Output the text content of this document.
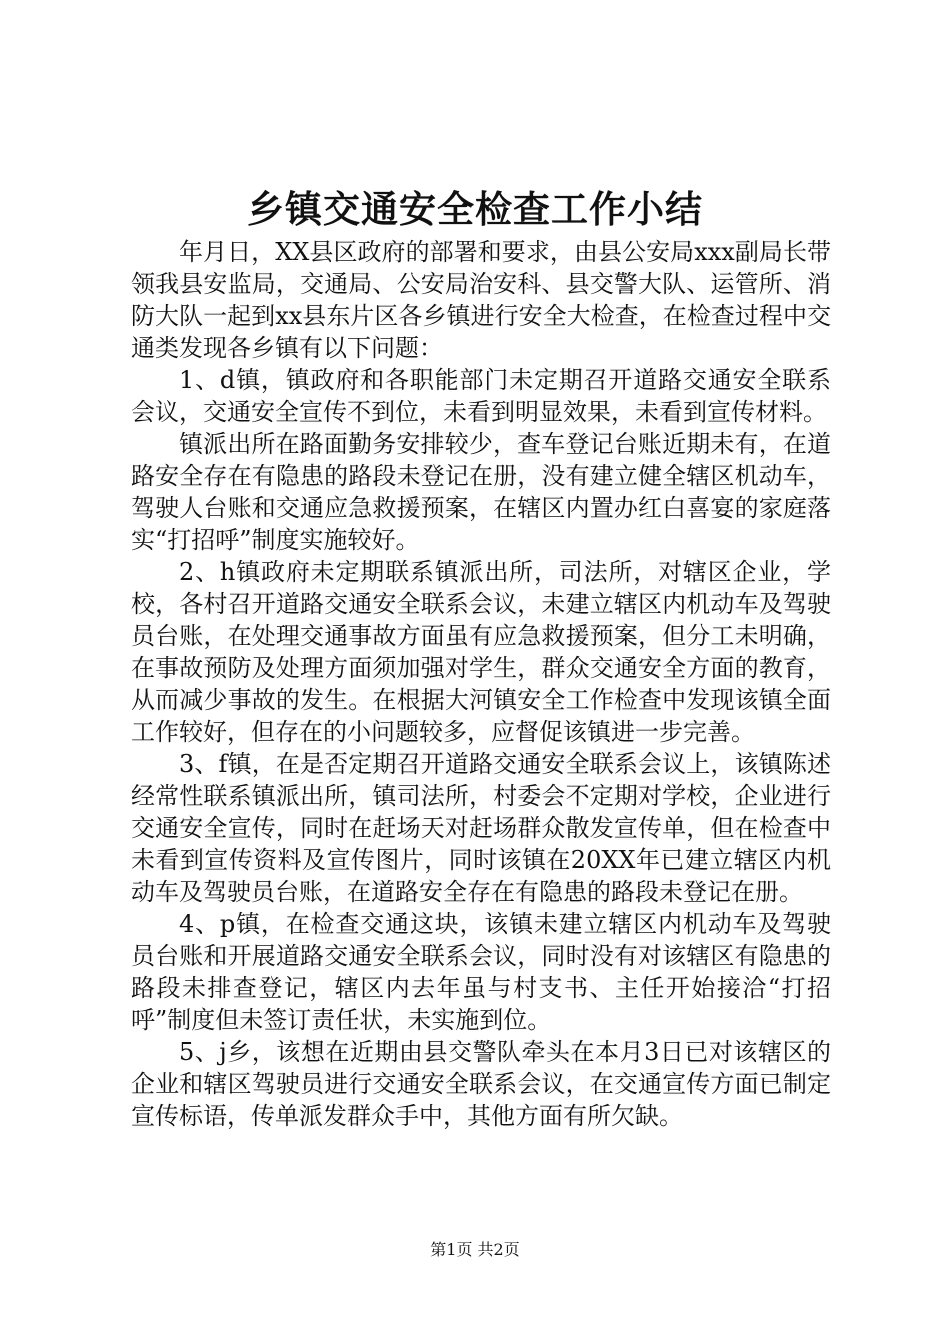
乡镇交通安全检查工作小结

年月日，XX县区政府的部署和要求，由县公安局xxx副局长带领我县安监局，交通局、公安局治安科、县交警大队、运管所、消防大队一起到xx县东片区各乡镇进行安全大检查，在检查过程中交通类发现各乡镇有以下问题：

1、d镇，镇政府和各职能部门未定期召开道路交通安全联系会议，交通安全宣传不到位，未看到明显效果，未看到宣传材料。

镇派出所在路面勤务安排较少，查车登记台账近期未有，在道路安全存在有隐患的路段未登记在册，没有建立健全辖区机动车，驾驶人台账和交通应急救援预案，在辖区内置办红白喜宴的家庭落实“打招呼”制度实施较好。

2、h镇政府未定期联系镇派出所，司法所，对辖区企业，学校，各村召开道路交通安全联系会议，未建立辖区内机动车及驾驶员台账，在处理交通事故方面虽有应急救援预案，但分工未明确，在事故预防及处理方面须加强对学生，群众交通安全方面的教育，从而减少事故的发生。在根据大河镇安全工作检查中发现该镇全面工作较好，但存在的小问题较多，应督促该镇进一步完善。

3、f镇，在是否定期召开道路交通安全联系会议上，该镇陈述经常性联系镇派出所，镇司法所，村委会不定期对学校，企业进行交通安全宣传，同时在赶场天对赶场群众散发宣传单，但在检查中未看到宣传资料及宣传图片，同时该镇在20XX年已建立辖区内机动车及驾驶员台账，在道路安全存在有隐患的路段未登记在册。

4、p镇，在检查交通这块，该镇未建立辖区内机动车及驾驶员台账和开展道路交通安全联系会议，同时没有对该辖区有隐患的路段未排查登记，辖区内去年虽与村支书、主任开始接洽“打招呼”制度但未签订责任状，未实施到位。

5、j乡，该想在近期由县交警队牵头在本月3日已对该辖区的企业和辖区驾驶员进行交通安全联系会议，在交通宣传方面已制定宣传标语，传单派发群众手中，其他方面有所欠缺。

第1页 共2页
